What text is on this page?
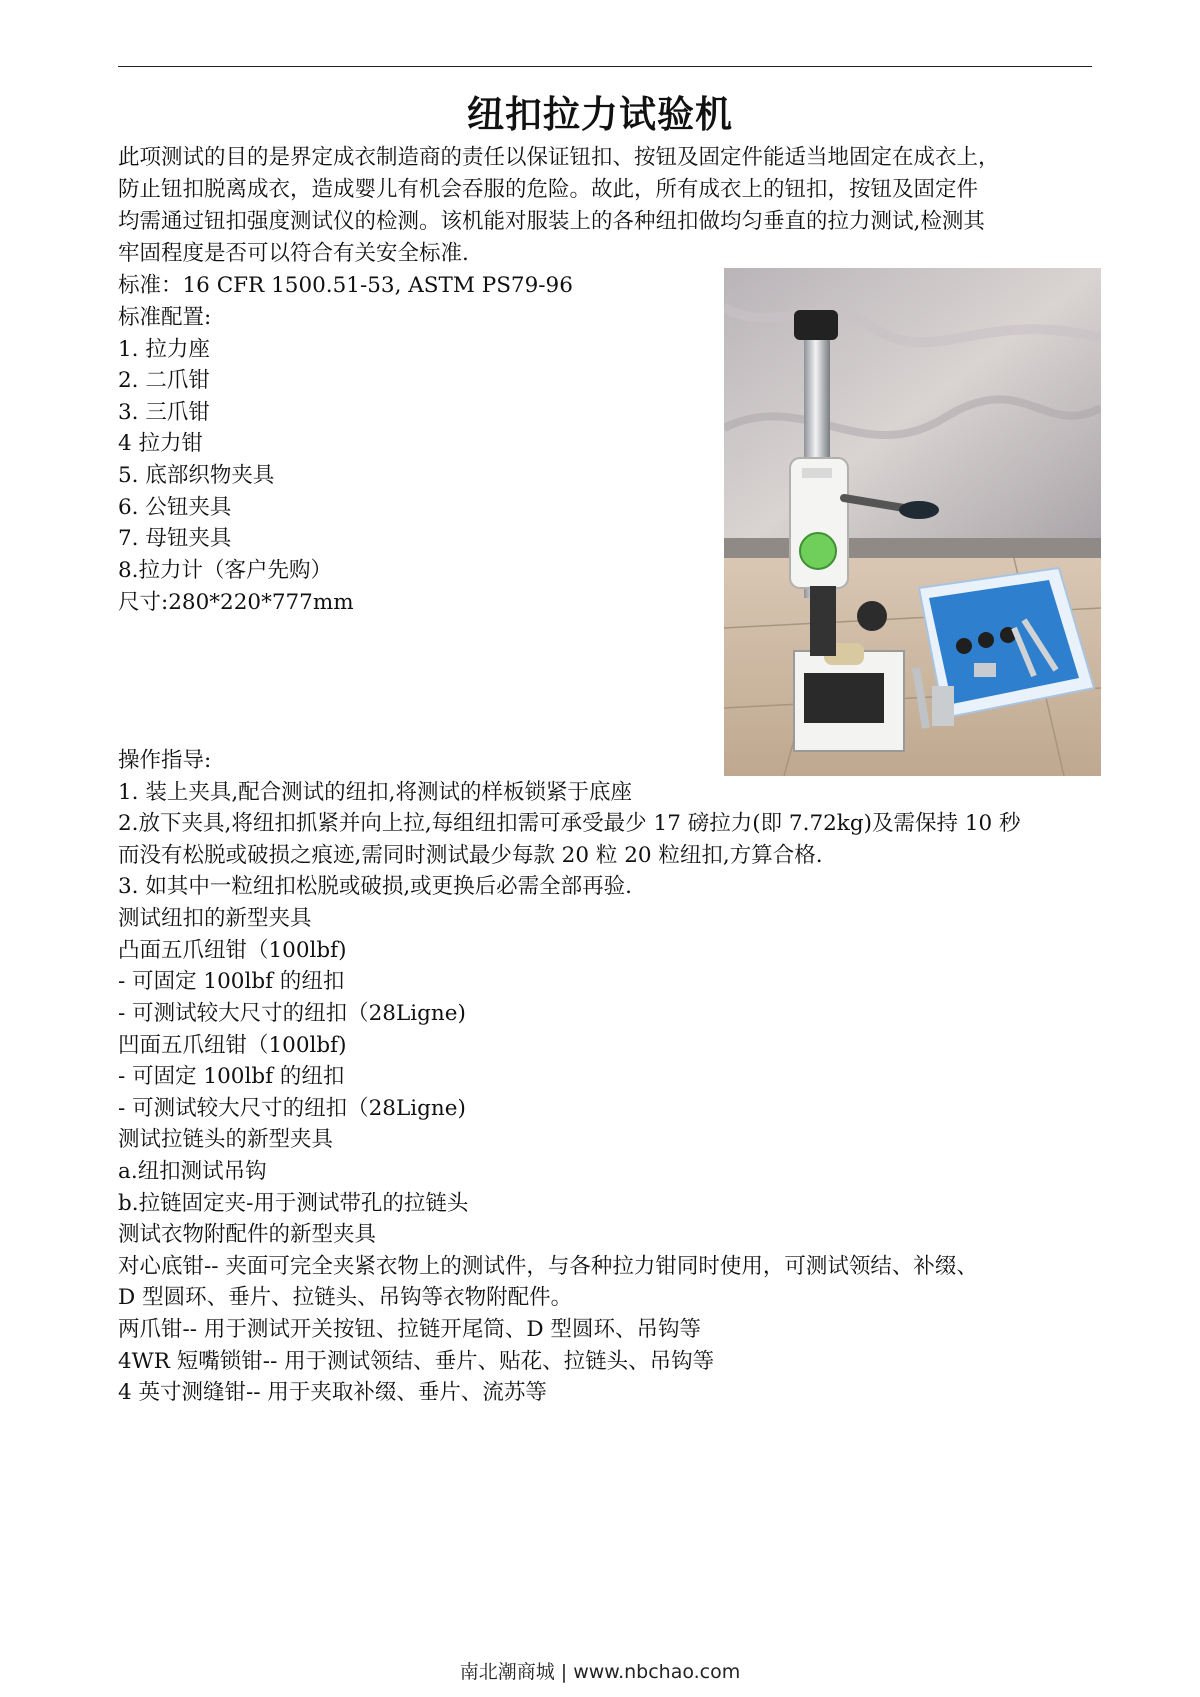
纽扣拉力试验机
此项测试的目的是界定成衣制造商的责任以保证钮扣、按钮及固定件能适当地固定在成衣上，
防止钮扣脱离成衣，造成婴儿有机会吞服的危险。故此，所有成衣上的钮扣，按钮及固定件
均需通过钮扣强度测试仪的检测。该机能对服装上的各种纽扣做均匀垂直的拉力测试,检测其
牢固程度是否可以符合有关安全标准.
标准：16 CFR 1500.51-53, ASTM PS79-96
标准配置:
1. 拉力座
2. 二爪钳
3. 三爪钳
4 拉力钳
5. 底部织物夹具
6. 公钮夹具
7. 母钮夹具
8.拉力计（客户先购）
尺寸:280*220*777mm
操作指导:
1. 装上夹具,配合测试的纽扣,将测试的样板锁紧于底座
2.放下夹具,将纽扣抓紧并向上拉,每组纽扣需可承受最少 17 磅拉力(即 7.72kg)及需保持 10 秒
而没有松脱或破损之痕迹,需同时测试最少每款 20 粒 20 粒纽扣,方算合格.
3. 如其中一粒纽扣松脱或破损,或更换后必需全部再验.
测试纽扣的新型夹具
凸面五爪纽钳（100lbf)
- 可固定 100lbf 的纽扣
- 可测试较大尺寸的纽扣（28Ligne)
凹面五爪纽钳（100lbf)
- 可固定 100lbf 的纽扣
- 可测试较大尺寸的纽扣（28Ligne)
测试拉链头的新型夹具
a.纽扣测试吊钩
b.拉链固定夹-用于测试带孔的拉链头
测试衣物附配件的新型夹具
对心底钳-- 夹面可完全夹紧衣物上的测试件，与各种拉力钳同时使用，可测试领结、补缀、
D 型圆环、垂片、拉链头、吊钩等衣物附配件。
两爪钳-- 用于测试开关按钮、拉链开尾筒、D 型圆环、吊钩等
4WR 短嘴锁钳-- 用于测试领结、垂片、贴花、拉链头、吊钩等
4 英寸测缝钳-- 用于夹取补缀、垂片、流苏等
南北潮商城 | www.nbchao.com
